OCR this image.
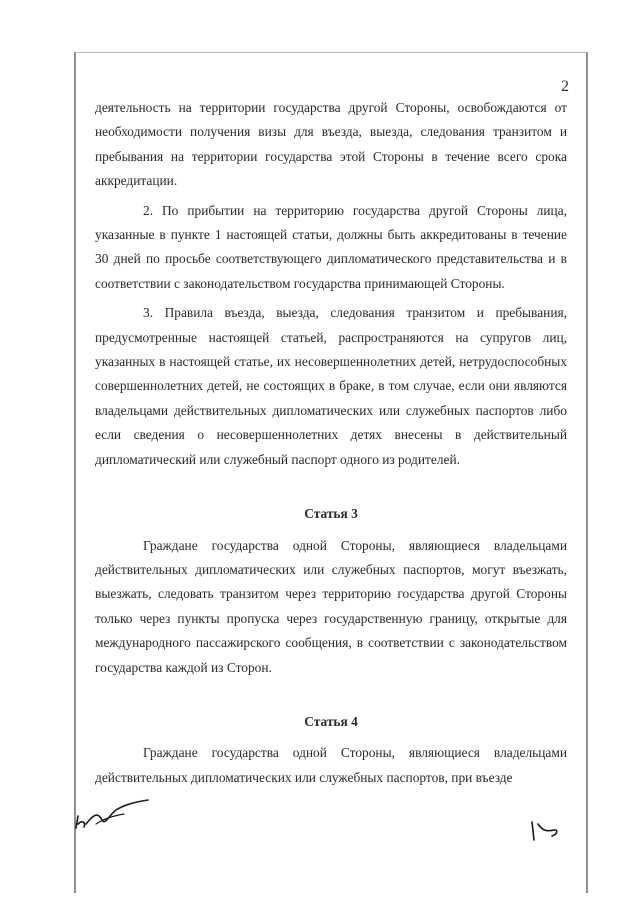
2

деятельность на территории государства другой Стороны, освобождаются от необходимости получения визы для въезда, выезда, следования транзитом и пребывания на территории государства этой Стороны в течение всего срока аккредитации.

2. По прибытии на территорию государства другой Стороны лица, указанные в пункте 1 настоящей статьи, должны быть аккредитованы в течение 30 дней по просьбе соответствующего дипломатического представительства и в соответствии с законодательством государства принимающей Стороны.

3. Правила въезда, выезда, следования транзитом и пребывания, предусмотренные настоящей статьей, распространяются на супругов лиц, указанных в настоящей статье, их несовершеннолетних детей, нетрудоспособных совершеннолетних детей, не состоящих в браке, в том случае, если они являются владельцами действительных дипломатических или служебных паспортов либо если сведения о несовершеннолетних детях внесены в действительный дипломатический или служебный паспорт одного из родителей.

Статья 3

Граждане государства одной Стороны, являющиеся владельцами действительных дипломатических или служебных паспортов, могут въезжать, выезжать, следовать транзитом через территорию государства другой Стороны только через пункты пропуска через государственную границу, открытые для международного пассажирского сообщения, в соответствии с законодательством государства каждой из Сторон.

Статья 4

Граждане государства одной Стороны, являющиеся владельцами действительных дипломатических или служебных паспортов, при въезде
